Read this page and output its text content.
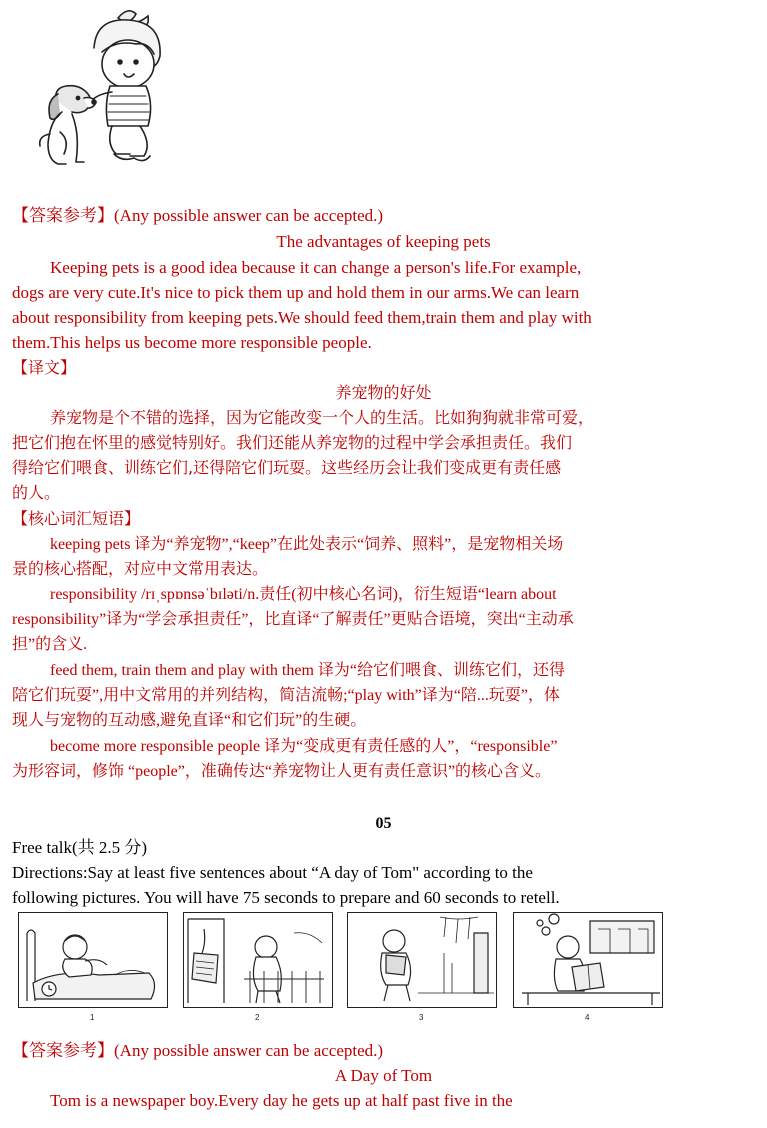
【答案参考】(Any possible answer can be accepted.)
The advantages of keeping pets
Keeping pets is a good idea because it can change a person's life.For example,
dogs are very cute.It's nice to pick them up and hold them in our arms.We can learn
about responsibility from keeping pets.We should feed them,train them and play with
them.This helps us become more responsible people.
【译文】
养宠物的好处
养宠物是个不错的选择，因为它能改变一个人的生活。比如狗狗就非常可爱，
把它们抱在怀里的感觉特别好。我们还能从养宠物的过程中学会承担责任。我们
得给它们喂食、训练它们,还得陪它们玩耍。这些经历会让我们变成更有责任感
的人。
【核心词汇短语】
keeping pets 译为“养宠物”,“keep”在此处表示“饲养、照料”，是宠物相关场
景的核心搭配，对应中文常用表达。
responsibility /rɪˌspɒnsəˈbɪləti/n.责任(初中核心名词)，衍生短语“learn about
responsibility”译为“学会承担责任”，比直译“了解责任”更贴合语境，突出“主动承
担”的含义.
feed them, train them and play with them 译为“给它们喂食、训练它们，还得
陪它们玩耍”,用中文常用的并列结构，简洁流畅;“play with”译为“陪...玩耍”，体
现人与宠物的互动感,避免直译“和它们玩”的生硬。
become more responsible people 译为“变成更有责任感的人”，“responsible”
为形容词，修饰 “people”，准确传达“养宠物让人更有责任意识”的核心含义。
05
Free talk(共 2.5 分)
Directions:Say at least five sentences about “A day of Tom" according to the
following pictures. You will have 75 seconds to prepare and 60 seconds to retell.
1	2	3	4
【答案参考】(Any possible answer can be accepted.)
A Day of Tom
Tom is a newspaper boy.Every day he gets up at half past five in the
